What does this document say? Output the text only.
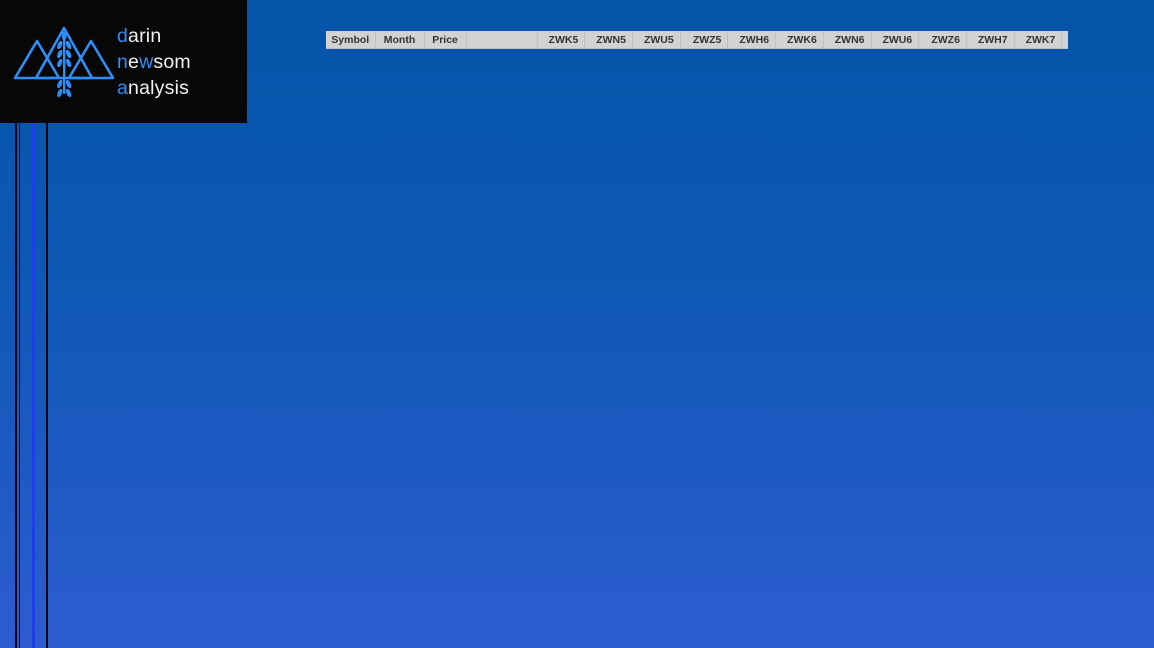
darin
newsom
analysis
Symbol	Month	Price		ZWK5	ZWN5	ZWU5	ZWZ5	ZWH6	ZWK6	ZWN6	ZWU6	ZWZ6	ZWH7	ZWK7	
